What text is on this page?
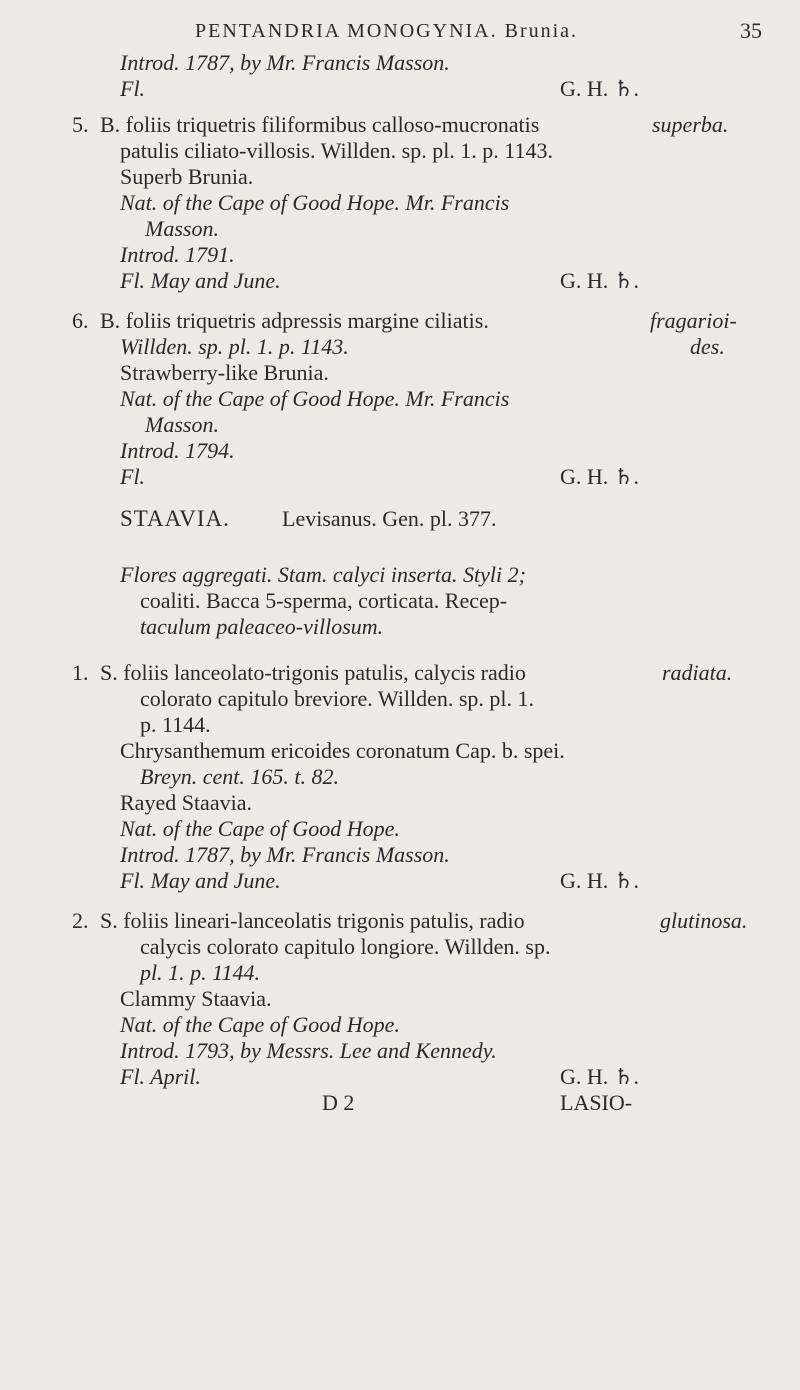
PENTANDRIA MONOGYNIA. Brunia.	35
Introd. 1787, by Mr. Francis Masson.
Fl.	G. H. ♄.
5. B. foliis triquetris filiformibus calloso-mucronatis	superba.
patulis ciliato-villosis. Willden. sp. pl. 1. p. 1143.
Superb Brunia.
Nat. of the Cape of Good Hope. Mr. Francis
Masson.
Introd. 1791.
Fl. May and June.	G. H. ♄.
6. B. foliis triquetris adpressis margine ciliatis.	fragarioi-
Willden. sp. pl. 1. p. 1143.	des.
Strawberry-like Brunia.
Nat. of the Cape of Good Hope. Mr. Francis
Masson.
Introd. 1794.
Fl.	G. H. ♄.
STAAVIA. Levisanus. Gen. pl. 377.
Flores aggregati. Stam. calyci inserta. Styli 2;
coaliti. Bacca 5-sperma, corticata. Recep-
taculum paleaceo-villosum.
1. S. foliis lanceolato-trigonis patulis, calycis radio	radiata.
colorato capitulo breviore. Willden. sp. pl. 1.
p. 1144.
Chrysanthemum ericoides coronatum Cap. b. spei.
Breyn. cent. 165. t. 82.
Rayed Staavia.
Nat. of the Cape of Good Hope.
Introd. 1787, by Mr. Francis Masson.
Fl. May and June.	G. H. ♄.
2. S. foliis lineari-lanceolatis trigonis patulis, radio	glutinosa.
calycis colorato capitulo longiore. Willden. sp.
pl. 1. p. 1144.
Clammy Staavia.
Nat. of the Cape of Good Hope.
Introd. 1793, by Messrs. Lee and Kennedy.
Fl. April.	G. H. ♄.
D 2	LASIO-
